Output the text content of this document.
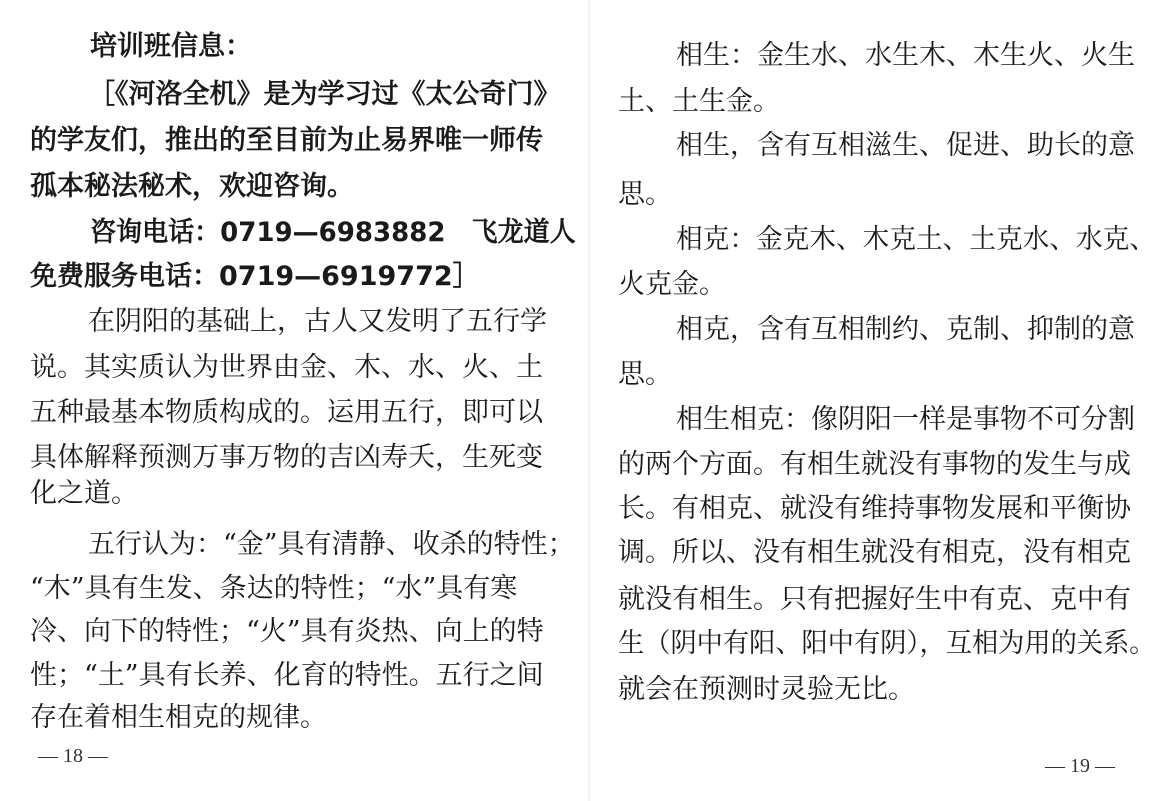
培训班信息：
［《河洛全机》是为学习过《太公奇门》
的学友们，推出的至目前为止易界唯一师传
孤本秘法秘术，欢迎咨询。
咨询电话：0719—6983882　飞龙道人
免费服务电话：0719—6919772］
在阴阳的基础上，古人又发明了五行学
说。其实质认为世界由金、木、水、火、土
五种最基本物质构成的。运用五行，即可以
具体解释预测万事万物的吉凶寿夭，生死变
化之道。
五行认为：“金”具有清静、收杀的特性；
“木”具有生发、条达的特性；“水”具有寒
冷、向下的特性；“火”具有炎热、向上的特
性；“土”具有长养、化育的特性。五行之间
存在着相生相克的规律。
— 18 —
相生：金生水、水生木、木生火、火生
土、土生金。
相生，含有互相滋生、促进、助长的意
思。
相克：金克木、木克土、土克水、水克、
火克金。
相克，含有互相制约、克制、抑制的意
思。
相生相克：像阴阳一样是事物不可分割
的两个方面。有相生就没有事物的发生与成
长。有相克、就没有维持事物发展和平衡协
调。所以、没有相生就没有相克，没有相克
就没有相生。只有把握好生中有克、克中有
生（阴中有阳、阳中有阴），互相为用的关系。
就会在预测时灵验无比。
— 19 —
